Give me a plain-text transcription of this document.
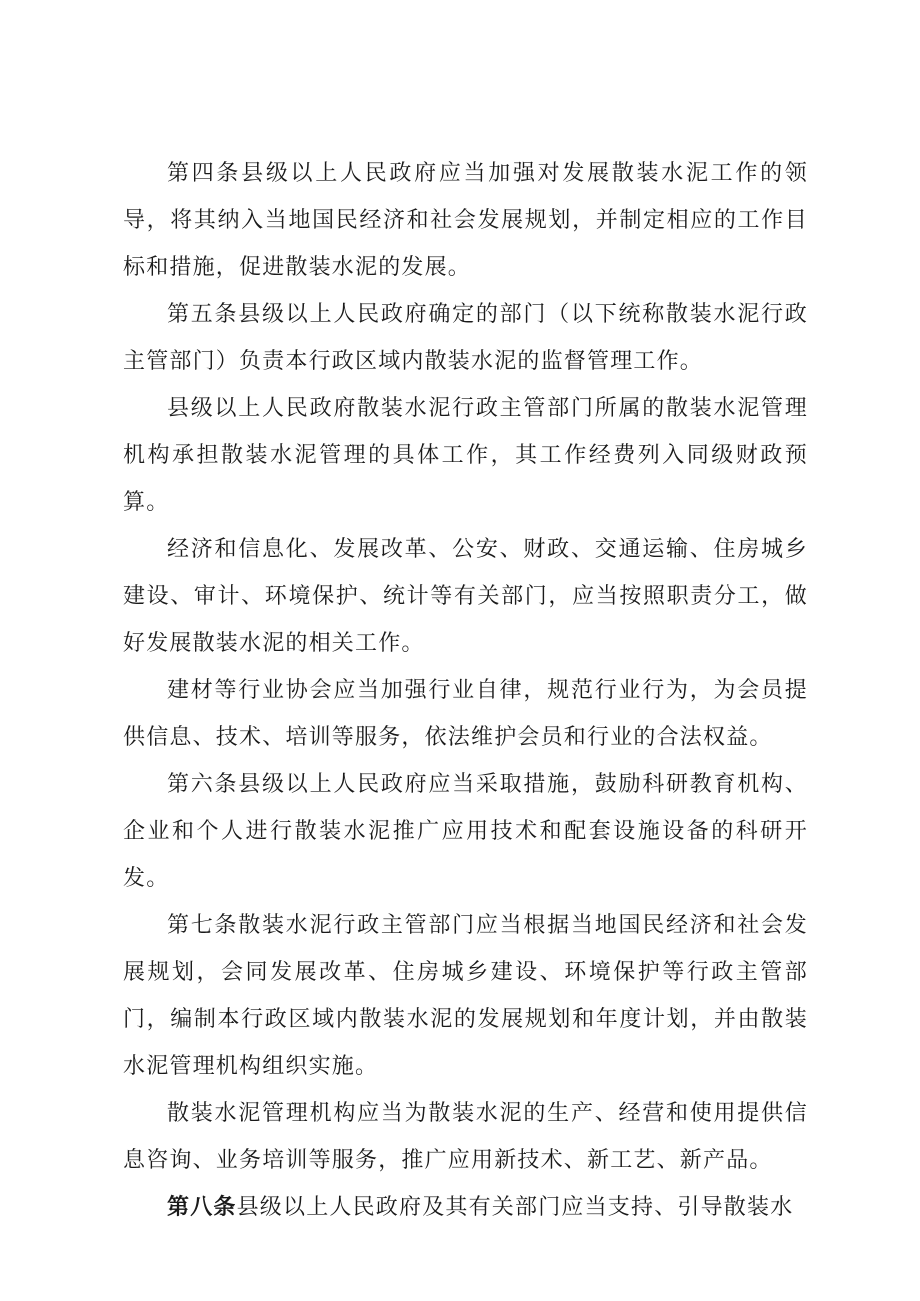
第四条县级以上人民政府应当加强对发展散装水泥工作的领导，将其纳入当地国民经济和社会发展规划，并制定相应的工作目标和措施，促进散装水泥的发展。

第五条县级以上人民政府确定的部门（以下统称散装水泥行政主管部门）负责本行政区域内散装水泥的监督管理工作。

县级以上人民政府散装水泥行政主管部门所属的散装水泥管理机构承担散装水泥管理的具体工作，其工作经费列入同级财政预算。

经济和信息化、发展改革、公安、财政、交通运输、住房城乡建设、审计、环境保护、统计等有关部门，应当按照职责分工，做好发展散装水泥的相关工作。

建材等行业协会应当加强行业自律，规范行业行为，为会员提供信息、技术、培训等服务，依法维护会员和行业的合法权益。

第六条县级以上人民政府应当采取措施，鼓励科研教育机构、企业和个人进行散装水泥推广应用技术和配套设施设备的科研开发。

第七条散装水泥行政主管部门应当根据当地国民经济和社会发展规划，会同发展改革、住房城乡建设、环境保护等行政主管部门，编制本行政区域内散装水泥的发展规划和年度计划，并由散装水泥管理机构组织实施。

散装水泥管理机构应当为散装水泥的生产、经营和使用提供信息咨询、业务培训等服务，推广应用新技术、新工艺、新产品。

第八条县级以上人民政府及其有关部门应当支持、引导散装水
